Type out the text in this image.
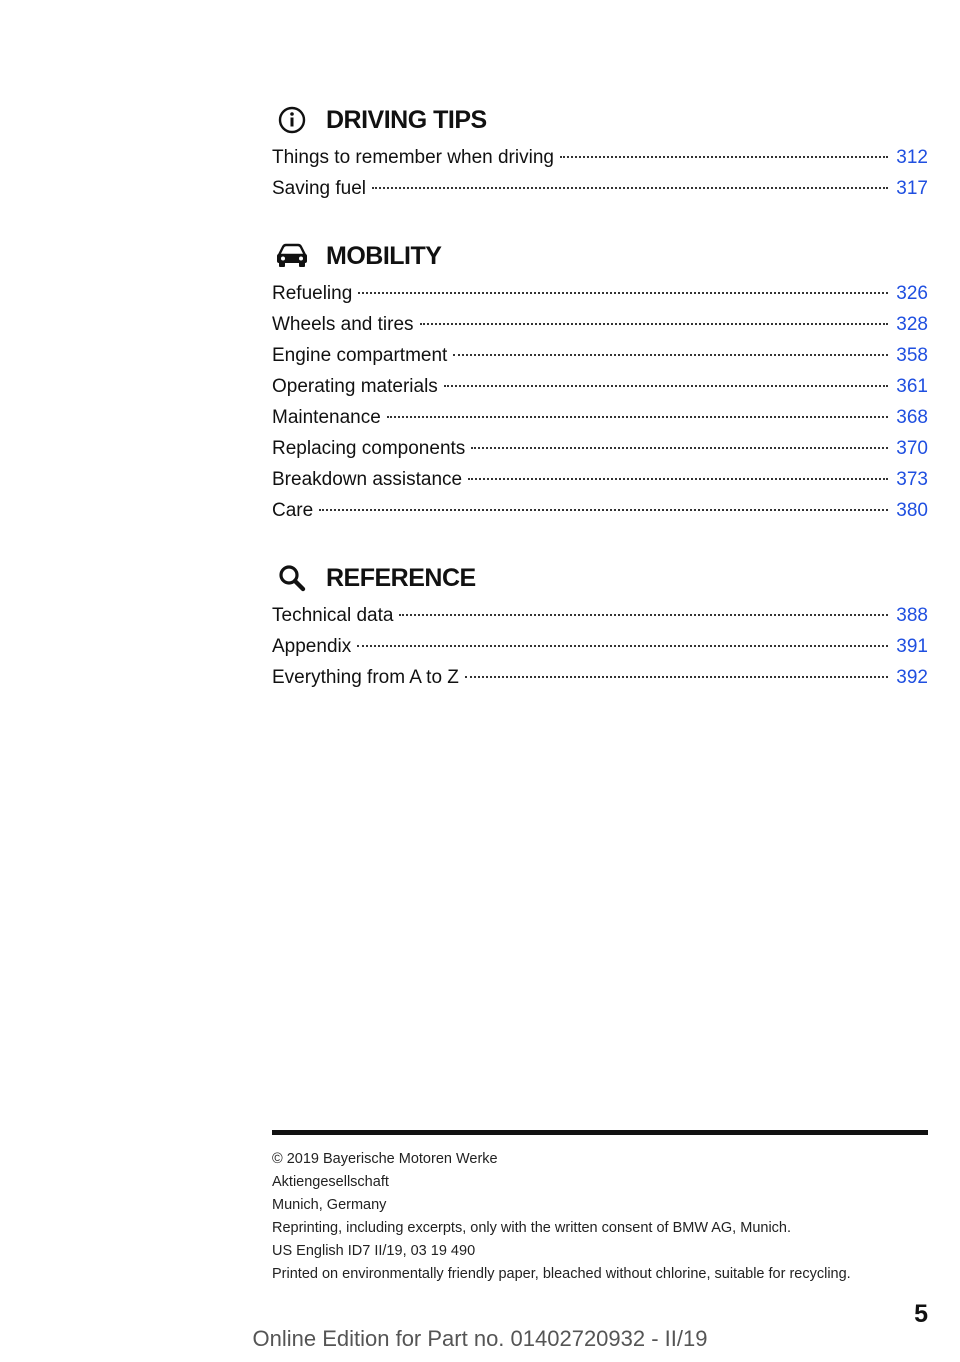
DRIVING TIPS
Things to remember when driving	312
Saving fuel	317
MOBILITY
Refueling	326
Wheels and tires	328
Engine compartment	358
Operating materials	361
Maintenance	368
Replacing components	370
Breakdown assistance	373
Care	380
REFERENCE
Technical data	388
Appendix	391
Everything from A to Z	392
© 2019 Bayerische Motoren Werke
Aktiengesellschaft
Munich, Germany
Reprinting, including excerpts, only with the written consent of BMW AG, Munich.
US English ID7 II/19, 03 19 490
Printed on environmentally friendly paper, bleached without chlorine, suitable for recycling.
5
Online Edition for Part no. 01402720932 - II/19
